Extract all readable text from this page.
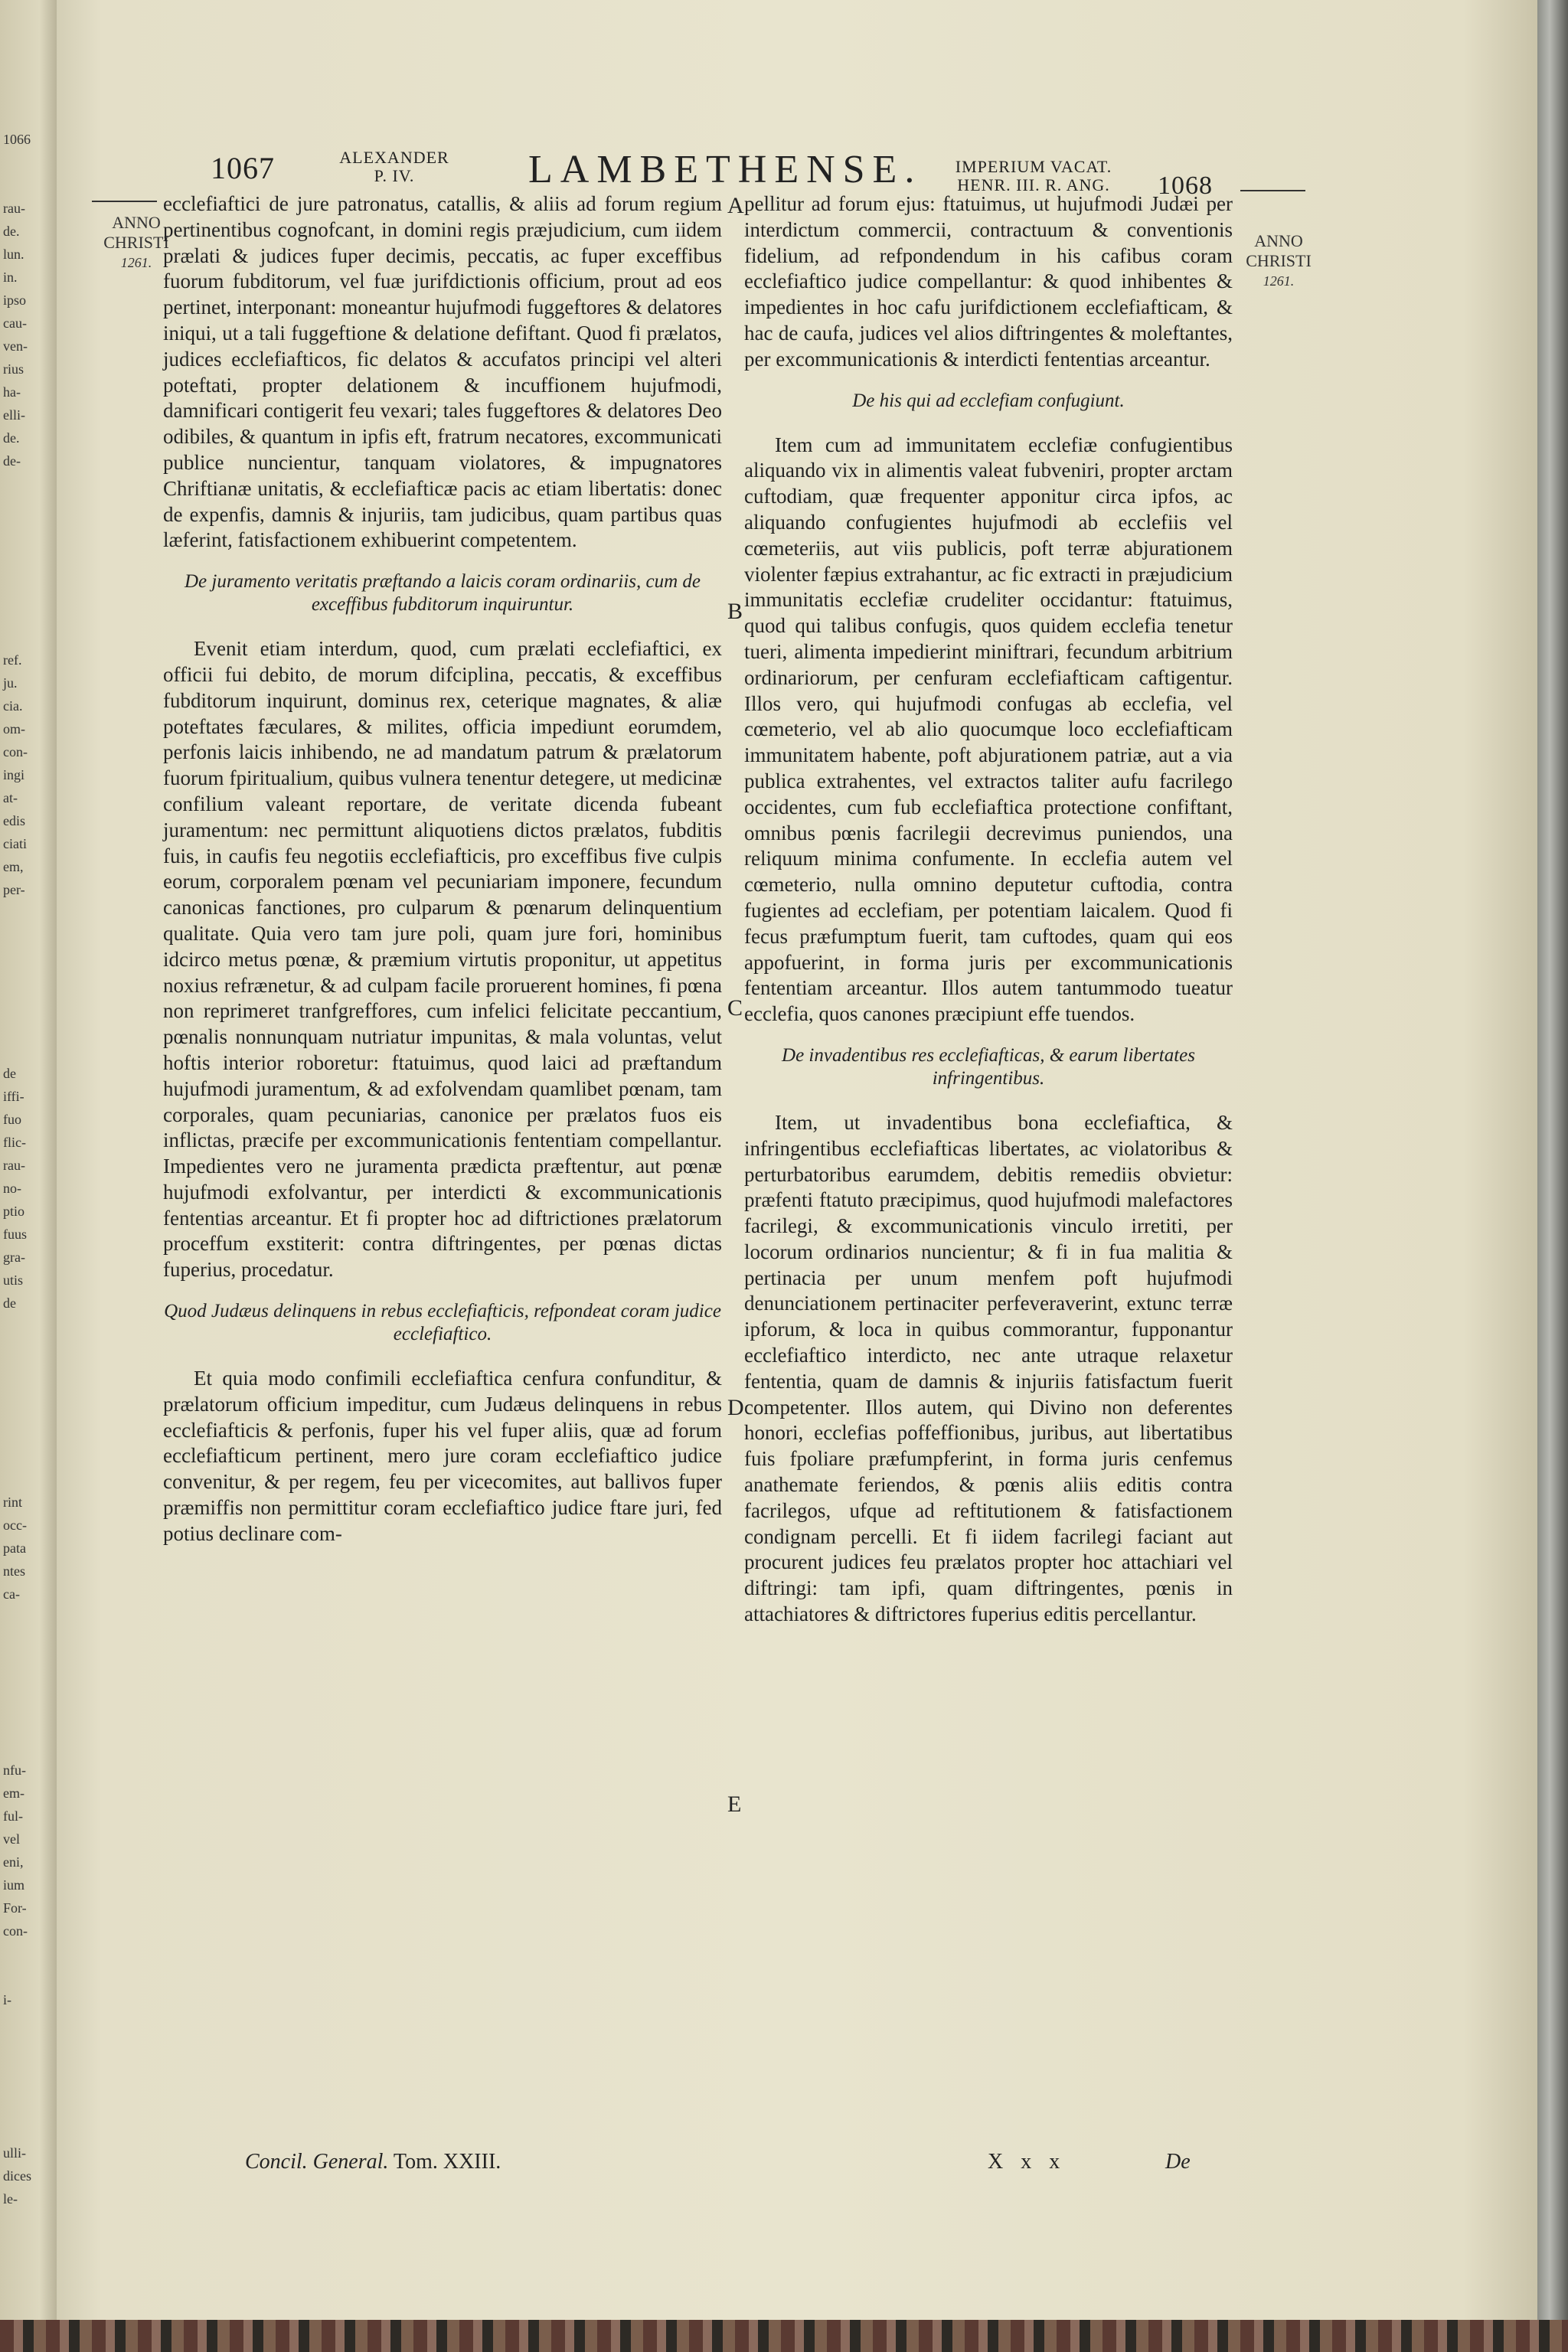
1066
rau-
de.
lun.
in.
ipso
cau-
ven-
rius
ha-
elli-
de.
de-
ref.
ju.
cia.
om-
con-
ingi
at-
edis
ciati
em,
per-
de
iffi-
fuo
flic-
rau-
no-
ptio
fuus
gra-
utis
de
rint
occ-
pata
ntes
ca-
nfu-
em-
ful-
vel
eni,
ium
For-
con-
i-
ulli-
dices
le-
1067	ALEXANDER
P. IV.	LAMBETHENSE.	IMPERIUM VACAT.
HENR. III. R. ANG.	1068
ANNO
CHRISTI
1261.
ANNO
CHRISTI
1261.

ecclefiaftici de jure patronatus, catallis, & aliis ad forum regium pertinentibus cognofcant, in domini regis præjudicium, cum iidem prælati & judices fuper decimis, peccatis, ac fuper exceffibus fuorum fubditorum, vel fuæ jurifdictionis officium, prout ad eos pertinet, interponant: moneantur hujufmodi fuggeftores & delatores iniqui, ut a tali fuggeftione & delatione defiftant. Quod fi prælatos, judices ecclefiafticos, fic delatos & accufatos principi vel alteri poteftati, propter delationem & incuffionem hujufmodi, damnificari contigerit feu vexari; tales fuggeftores & delatores Deo odibiles, & quantum in ipfis eft, fratrum necatores, excommunicati publice nuncientur, tanquam violatores, & impugnatores Chriftianæ unitatis, & ecclefiafticæ pacis ac etiam libertatis: donec de expenfis, damnis & injuriis, tam judicibus, quam partibus quas læferint, fatisfactionem exhibuerint competentem.

De juramento veritatis præftando a laicis coram ordinariis, cum de exceffibus fubditorum inquiruntur.

Evenit etiam interdum, quod, cum prælati ecclefiaftici, ex officii fui debito, de morum difciplina, peccatis, & exceffibus fubditorum inquirunt, dominus rex, ceterique magnates, & aliæ poteftates fæculares, & milites, officia impediunt eorumdem, perfonis laicis inhibendo, ne ad mandatum patrum & prælatorum fuorum fpiritualium, quibus vulnera tenentur detegere, ut medicinæ confilium valeant reportare, de veritate dicenda fubeant juramentum: nec permittunt aliquotiens dictos prælatos, fubditis fuis, in caufis feu negotiis ecclefiafticis, pro exceffibus five culpis eorum, corporalem pœnam vel pecuniariam imponere, fecundum canonicas fanctiones, pro culparum & pœnarum delinquentium qualitate. Quia vero tam jure poli, quam jure fori, hominibus idcirco metus pœnæ, & præmium virtutis proponitur, ut appetitus noxius refrænetur, & ad culpam facile proruerent homines, fi pœna non reprimeret tranfgreffores, cum infelici felicitate peccantium, pœnalis nonnunquam nutriatur impunitas, & mala voluntas, velut hoftis interior roboretur: ftatuimus, quod laici ad præftandum hujufmodi juramentum, & ad exfolvendam quamlibet pœnam, tam corporales, quam pecuniarias, canonice per prælatos fuos eis inflictas, præcife per excommunicationis fententiam compellantur. Impedientes vero ne juramenta prædicta præftentur, aut pœnæ hujufmodi exfolvantur, per interdicti & excommunicationis fententias arceantur. Et fi propter hoc ad diftrictiones prælatorum proceffum exstiterit: contra diftringentes, per pœnas dictas fuperius, procedatur.

Quod Judæus delinquens in rebus ecclefiafticis, refpondeat coram judice ecclefiaftico.

Et quia modo confimili ecclefiaftica cenfura confunditur, & prælatorum officium impeditur, cum Judæus delinquens in rebus ecclefiafticis & perfonis, fuper his vel fuper aliis, quæ ad forum ecclefiafticum pertinent, mero jure coram ecclefiaftico judice convenitur, & per regem, feu per vicecomites, aut ballivos fuper præmiffis non permittitur coram ecclefiaftico judice ftare juri, fed potius declinare com-

pellitur ad forum ejus: ftatuimus, ut hujufmodi Judæi per interdictum commercii, contractuum & conventionis fidelium, ad refpondendum in his cafibus coram ecclefiaftico judice compellantur: & quod inhibentes & impedientes in hoc cafu jurifdictionem ecclefiafticam, & hac de caufa, judices vel alios diftringentes & moleftantes, per excommunicationis & interdicti fententias arceantur.

De his qui ad ecclefiam confugiunt.

Item cum ad immunitatem ecclefiæ confugientibus aliquando vix in alimentis valeat fubveniri, propter arctam cuftodiam, quæ frequenter apponitur circa ipfos, ac aliquando confugientes hujufmodi ab ecclefiis vel cœmeteriis, aut viis publicis, poft terræ abjurationem violenter fæpius extrahantur, ac fic extracti in præjudicium immunitatis ecclefiæ crudeliter occidantur: ftatuimus, quod qui talibus confugis, quos quidem ecclefia tenetur tueri, alimenta impedierint miniftrari, fecundum arbitrium ordinariorum, per cenfuram ecclefiafticam caftigentur. Illos vero, qui hujufmodi confugas ab ecclefia, vel cœmeterio, vel ab alio quocumque loco ecclefiafticam immunitatem habente, poft abjurationem patriæ, aut a via publica extrahentes, vel extractos taliter aufu facrilego occidentes, cum fub ecclefiaftica protectione confiftant, omnibus pœnis facrilegii decrevimus puniendos, una reliquum minima confumente. In ecclefia autem vel cœmeterio, nulla omnino deputetur cuftodia, contra fugientes ad ecclefiam, per potentiam laicalem. Quod fi fecus præfumptum fuerit, tam cuftodes, quam qui eos appofuerint, in forma juris per excommunicationis fententiam arceantur. Illos autem tantummodo tueatur ecclefia, quos canones præcipiunt effe tuendos.

De invadentibus res ecclefiafticas, & earum libertates infringentibus.

Item, ut invadentibus bona ecclefiaftica, & infringentibus ecclefiafticas libertates, ac violatoribus & perturbatoribus earumdem, debitis remediis obvietur: præfenti ftatuto præcipimus, quod hujufmodi malefactores facrilegi, & excommunicationis vinculo irretiti, per locorum ordinarios nuncientur; & fi in fua malitia & pertinacia per unum menfem poft hujufmodi denunciationem pertinaciter perfeveraverint, extunc terræ ipforum, & loca in quibus commorantur, fupponantur ecclefiaftico interdicto, nec ante utraque relaxetur fententia, quam de damnis & injuriis fatisfactum fuerit competenter. Illos autem, qui Divino non deferentes honori, ecclefias poffeffionibus, juribus, aut libertatibus fuis fpoliare præfumpferint, in forma juris cenfemus anathemate feriendos, & pœnis aliis editis contra facrilegos, ufque ad reftitutionem & fatisfactionem condignam percelli. Et fi iidem facrilegi faciant aut procurent judices feu prælatos propter hoc attachiari vel diftringi: tam ipfi, quam diftringentes, pœnis in attachiatores & diftrictores fuperius editis percellantur.

A
B
C
D
E
Concil. General. Tom. XXIII.	X x x	De
